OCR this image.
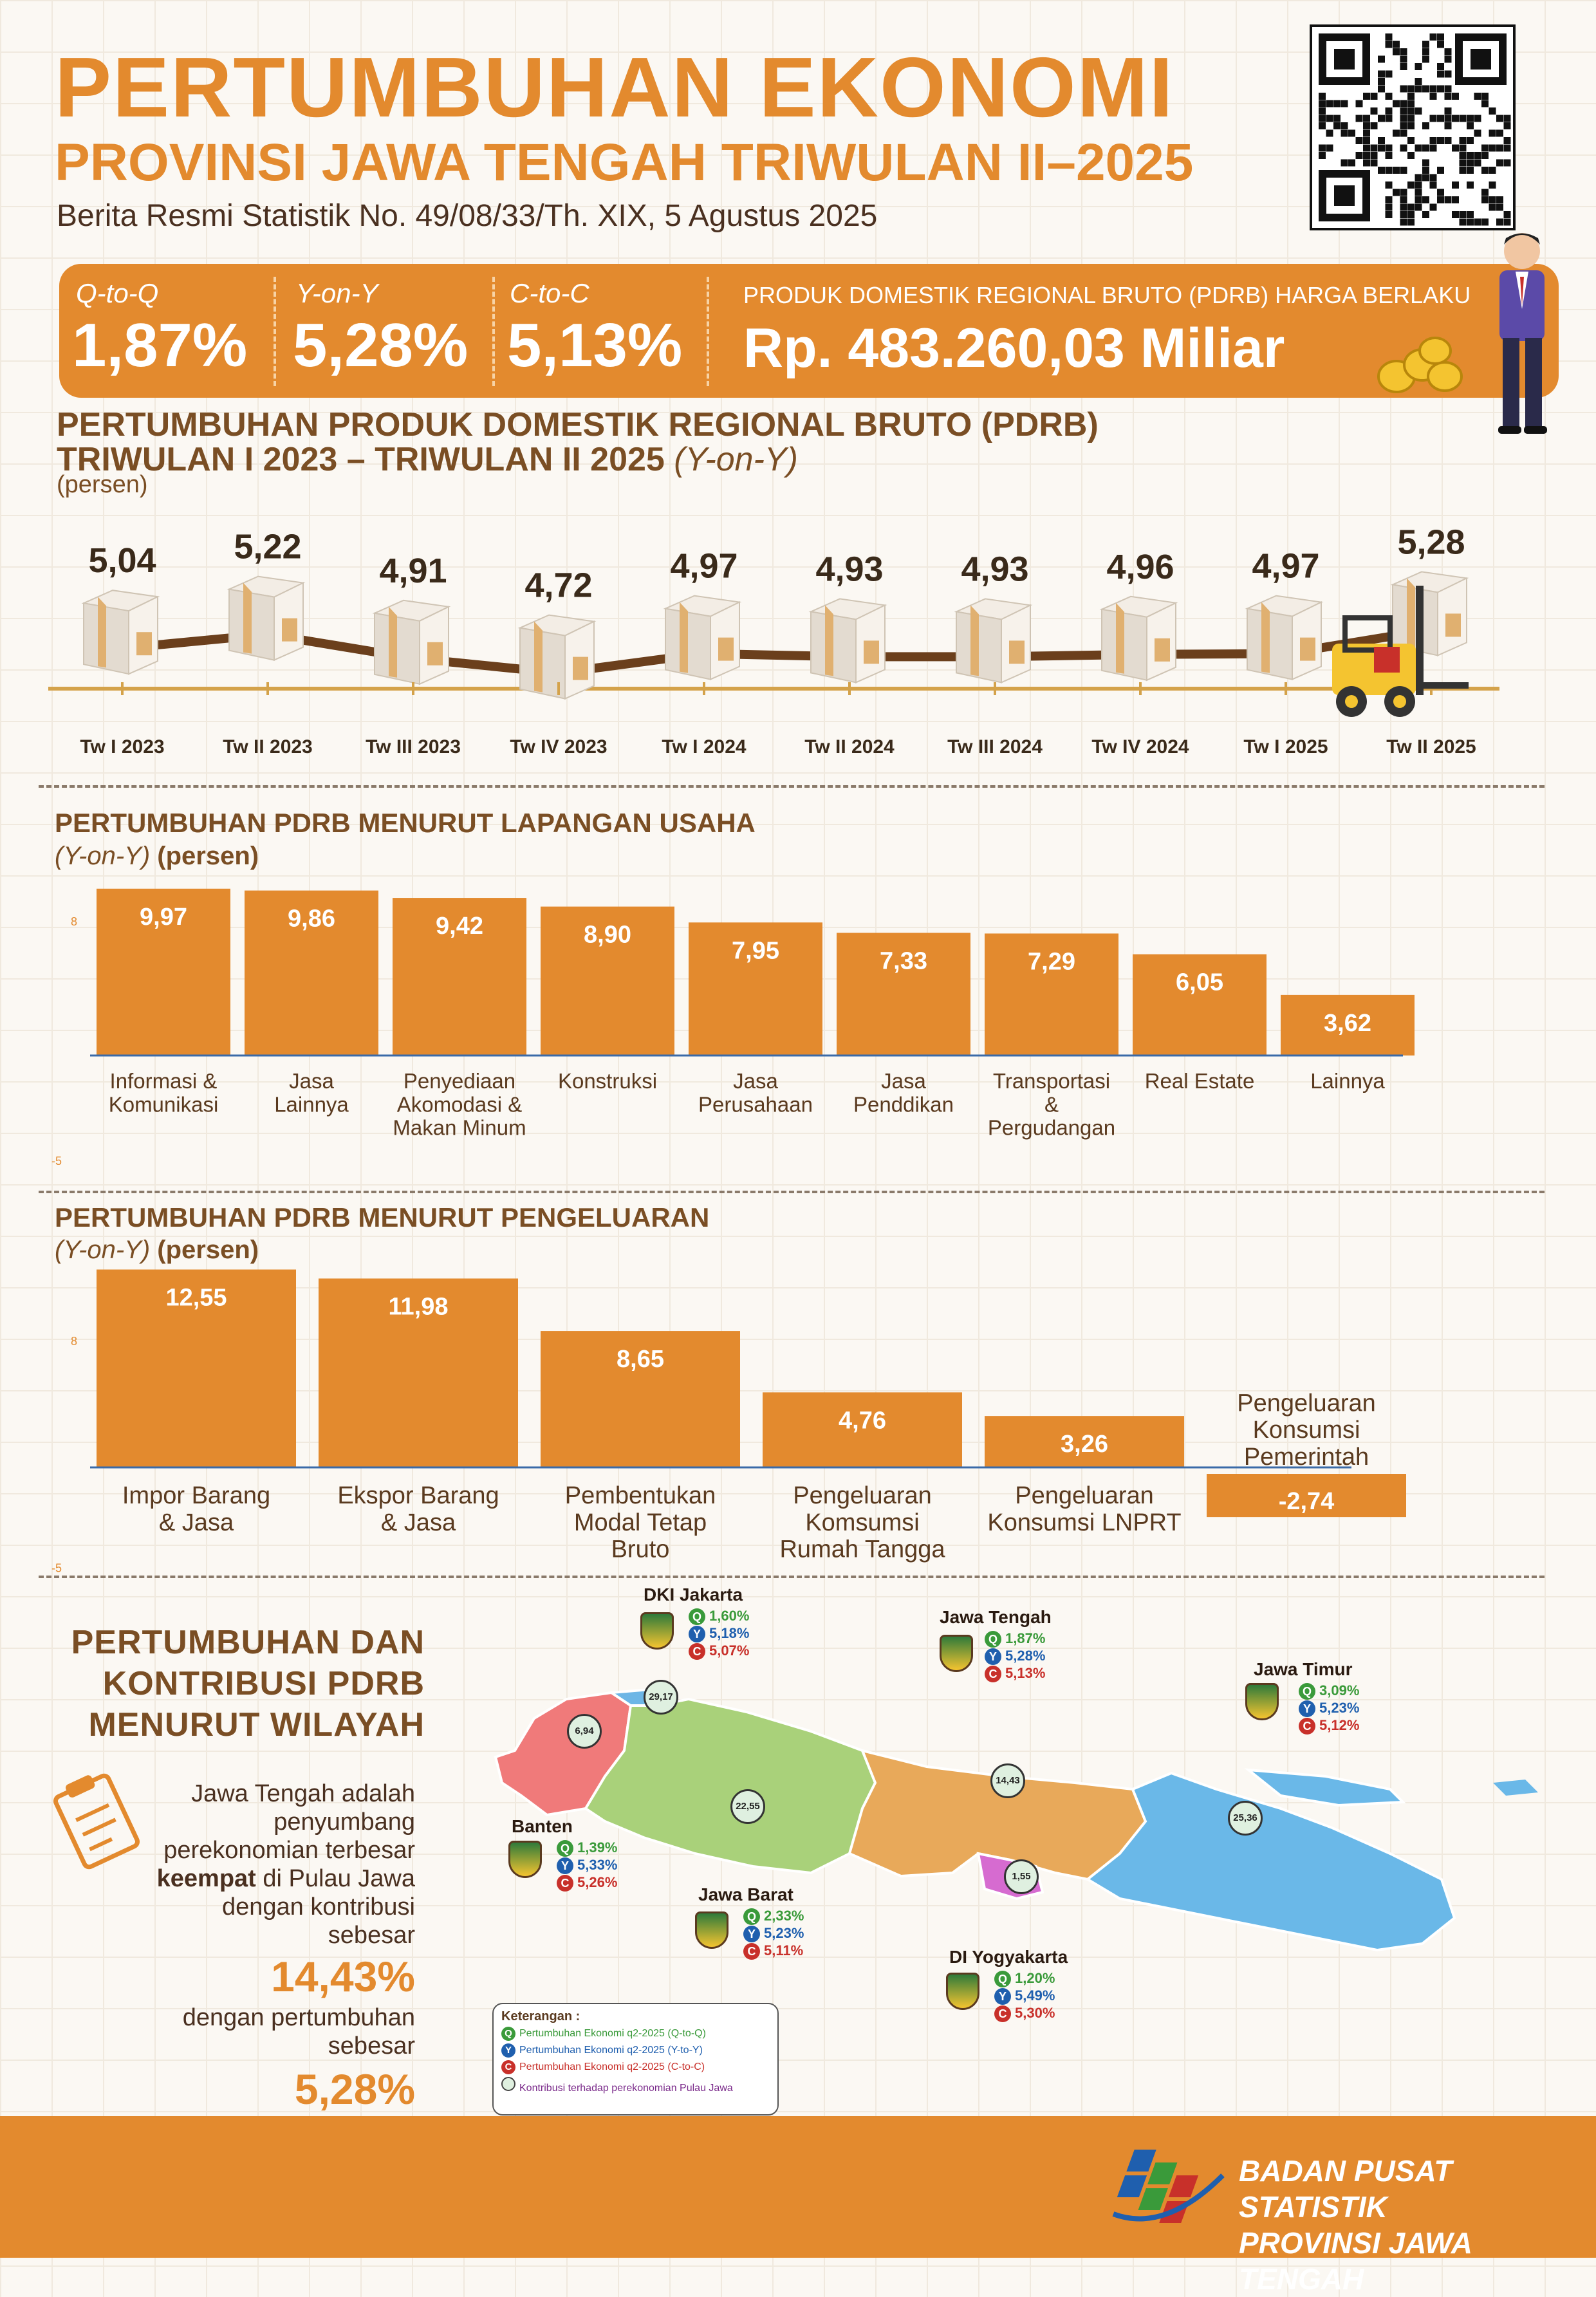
PERTUMBUHAN EKONOMI
PROVINSI JAWA TENGAH TRIWULAN II–2025
Berita Resmi Statistik No. 49/08/33/Th. XIX, 5 Agustus 2025
Q-to-Q
1,87%
Y-on-Y
5,28%
C-to-C
5,13%
PRODUK DOMESTIK REGIONAL BRUTO (PDRB) HARGA BERLAKU
Rp. 483.260,03 Miliar
PERTUMBUHAN PRODUK DOMESTIK REGIONAL BRUTO (PDRB)
TRIWULAN I 2023 – TRIWULAN II 2025 (Y-on-Y)
(persen)
5,04 5,22
4,91 4,72 4,97 4,93 4,93 4,96 4,97
5,28
Tw I 2023	Tw II 2023	Tw III 2023	Tw IV 2023	Tw I 2024	Tw II 2024	Tw III 2024	Tw IV 2024	Tw I 2025	Tw II 2025
PERTUMBUHAN PDRB MENURUT LAPANGAN USAHA
(Y-on-Y) (persen)
9,97	9,86	9,42	8,90
7,95	7,33	7,29
6,05
3,62
Informasi & Komunikasi
Jasa Lainnya
Penyediaan Akomodasi & Makan Minum
Konstruksi	Jasa Perusahaan
Jasa Penddikan
Transportasi & Pergudangan
Real Estate	Lainnya
8
-5
PERTUMBUHAN PDRB MENURUT PENGELUARAN
(Y-on-Y) (persen)
12,55	11,98
8,65
4,76
3,26
-2,74
Impor Barang & Jasa
Ekspor Barang & Jasa
Pembentukan Modal Tetap Bruto
Pengeluaran Komsumsi Rumah Tangga
Pengeluaran Konsumsi LNPRT
Pengeluaran Konsumsi Pemerintah
8
-5
PERTUMBUHAN DAN
KONTRIBUSI PDRB
MENURUT WILAYAH
Jawa Tengah adalah
penyumbang
perekonomian terbesar
keempat di Pulau Jawa
dengan kontribusi
sebesar
14,43%
dengan pertumbuhan
sebesar
5,28%
29,17
DKI Jakarta
Q 1,60%
Y 5,18%
C 5,07%
6,94
Banten
Q 1,39%
Y 5,33%
C 5,26%
22,55
Jawa Barat
Q 2,33%
Y 5,23%
C 5,11%
14,43
Jawa Tengah
Q 1,87%
Y 5,28%
C 5,13%
1,55
DI Yogyakarta
Q 1,20%
Y 5,49%
C 5,30%
25,36
Jawa Timur
Q 3,09%
Y 5,23%
C 5,12%
Keterangan :
Q Pertumbuhan Ekonomi q2-2025 (Q-to-Q)
Y Pertumbuhan Ekonomi q2-2025 (Y-to-Y)
C Pertumbuhan Ekonomi q2-2025 (C-to-C)
Kontribusi terhadap perekonomian Pulau Jawa
BADAN PUSAT STATISTIK
PROVINSI JAWA TENGAH
